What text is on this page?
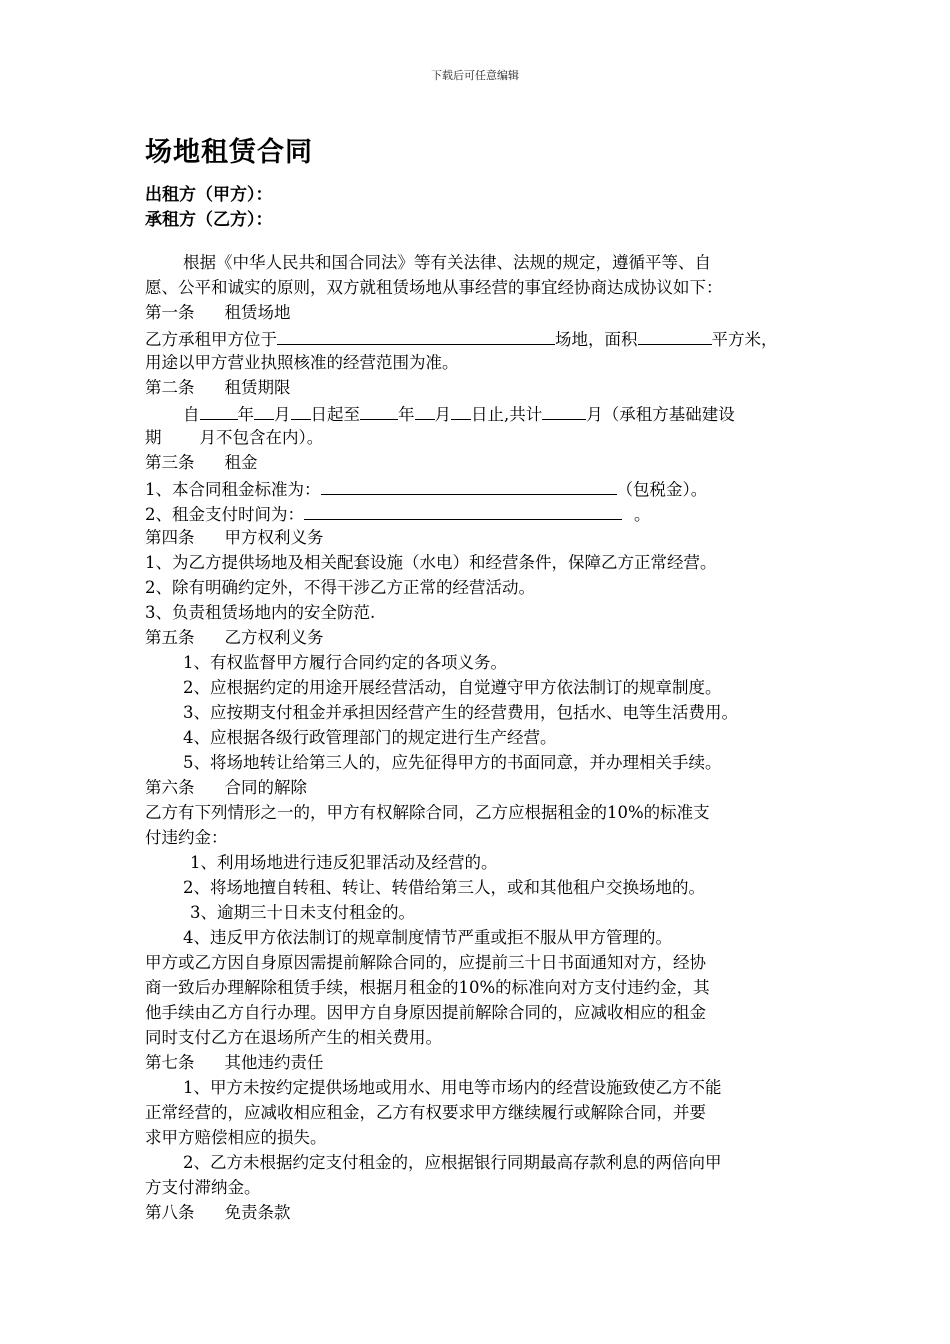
下载后可任意编辑
场地租赁合同
出租方（甲方）：
承租方（乙方）：
根据《中华人民共和国合同法》等有关法律、法规的规定，遵循平等、自
愿、公平和诚实的原则，双方就租赁场地从事经营的事宜经协商达成协议如下：
第一条 租赁场地
乙方承租甲方位于	场地，面积	平方米，
用途以甲方营业执照核准的经营范围为准。
第二条 租赁期限
自 年 月 日起至 年 月 日止,共计	月（承租方基础建设
期 月不包含在内）。
第三条 租金
1、本合同租金标准为：	（包税金）。
2、租金支付时间为：	。
第四条 甲方权利义务
1、为乙方提供场地及相关配套设施（水电）和经营条件，保障乙方正常经营。
2、除有明确约定外，不得干涉乙方正常的经营活动。
3、负责租赁场地内的安全防范.
第五条 乙方权利义务
1、有权监督甲方履行合同约定的各项义务。
2、应根据约定的用途开展经营活动，自觉遵守甲方依法制订的规章制度。
3、应按期支付租金并承担因经营产生的经营费用，包括水、电等生活费用。
4、应根据各级行政管理部门的规定进行生产经营。
5、将场地转让给第三人的，应先征得甲方的书面同意，并办理相关手续。
第六条 合同的解除
乙方有下列情形之一的，甲方有权解除合同，乙方应根据租金的10%的标准支
付违约金：
1、利用场地进行违反犯罪活动及经营的。
2、将场地擅自转租、转让、转借给第三人，或和其他租户交换场地的。
3、逾期三十日未支付租金的。
4、违反甲方依法制订的规章制度情节严重或拒不服从甲方管理的。
甲方或乙方因自身原因需提前解除合同的，应提前三十日书面通知对方，经协
商一致后办理解除租赁手续，根据月租金的10%的标准向对方支付违约金，其
他手续由乙方自行办理。因甲方自身原因提前解除合同的，应减收相应的租金
同时支付乙方在退场所产生的相关费用。
第七条 其他违约责任
1、甲方未按约定提供场地或用水、用电等市场内的经营设施致使乙方不能
正常经营的，应减收相应租金，乙方有权要求甲方继续履行或解除合同，并要
求甲方赔偿相应的损失。
2、乙方未根据约定支付租金的，应根据银行同期最高存款利息的两倍向甲
方支付滞纳金。
第八条 免责条款
